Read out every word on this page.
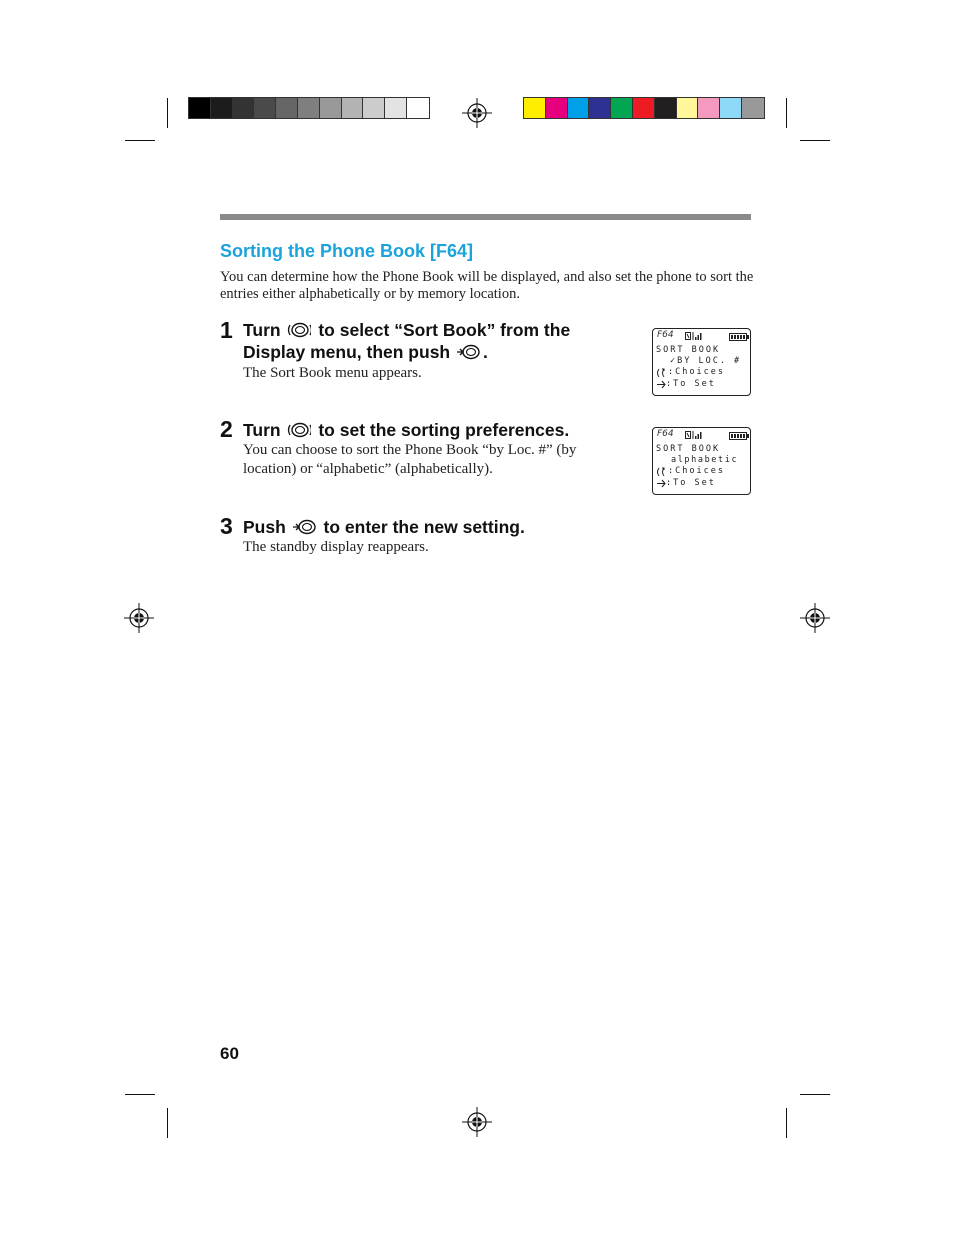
Sorting the Phone Book [F64]
You can determine how the Phone Book will be displayed, and also set the phone to sort the entries either alphabetically or by memory location.
1 Turn to select “Sort Book” from the
Display menu, then push .
The Sort Book menu appears.
2 Turn to set the sorting preferences.
You can choose to sort the Phone Book “by Loc. #” (by location) or “alphabetic” (alphabetically).
3 Push to enter the new setting.
The standby display reappears.
F64
SORT BOOK
✓BY LOC. #
:Choices
:To Set
F64
SORT BOOK
alphabetic
:Choices
:To Set
60
